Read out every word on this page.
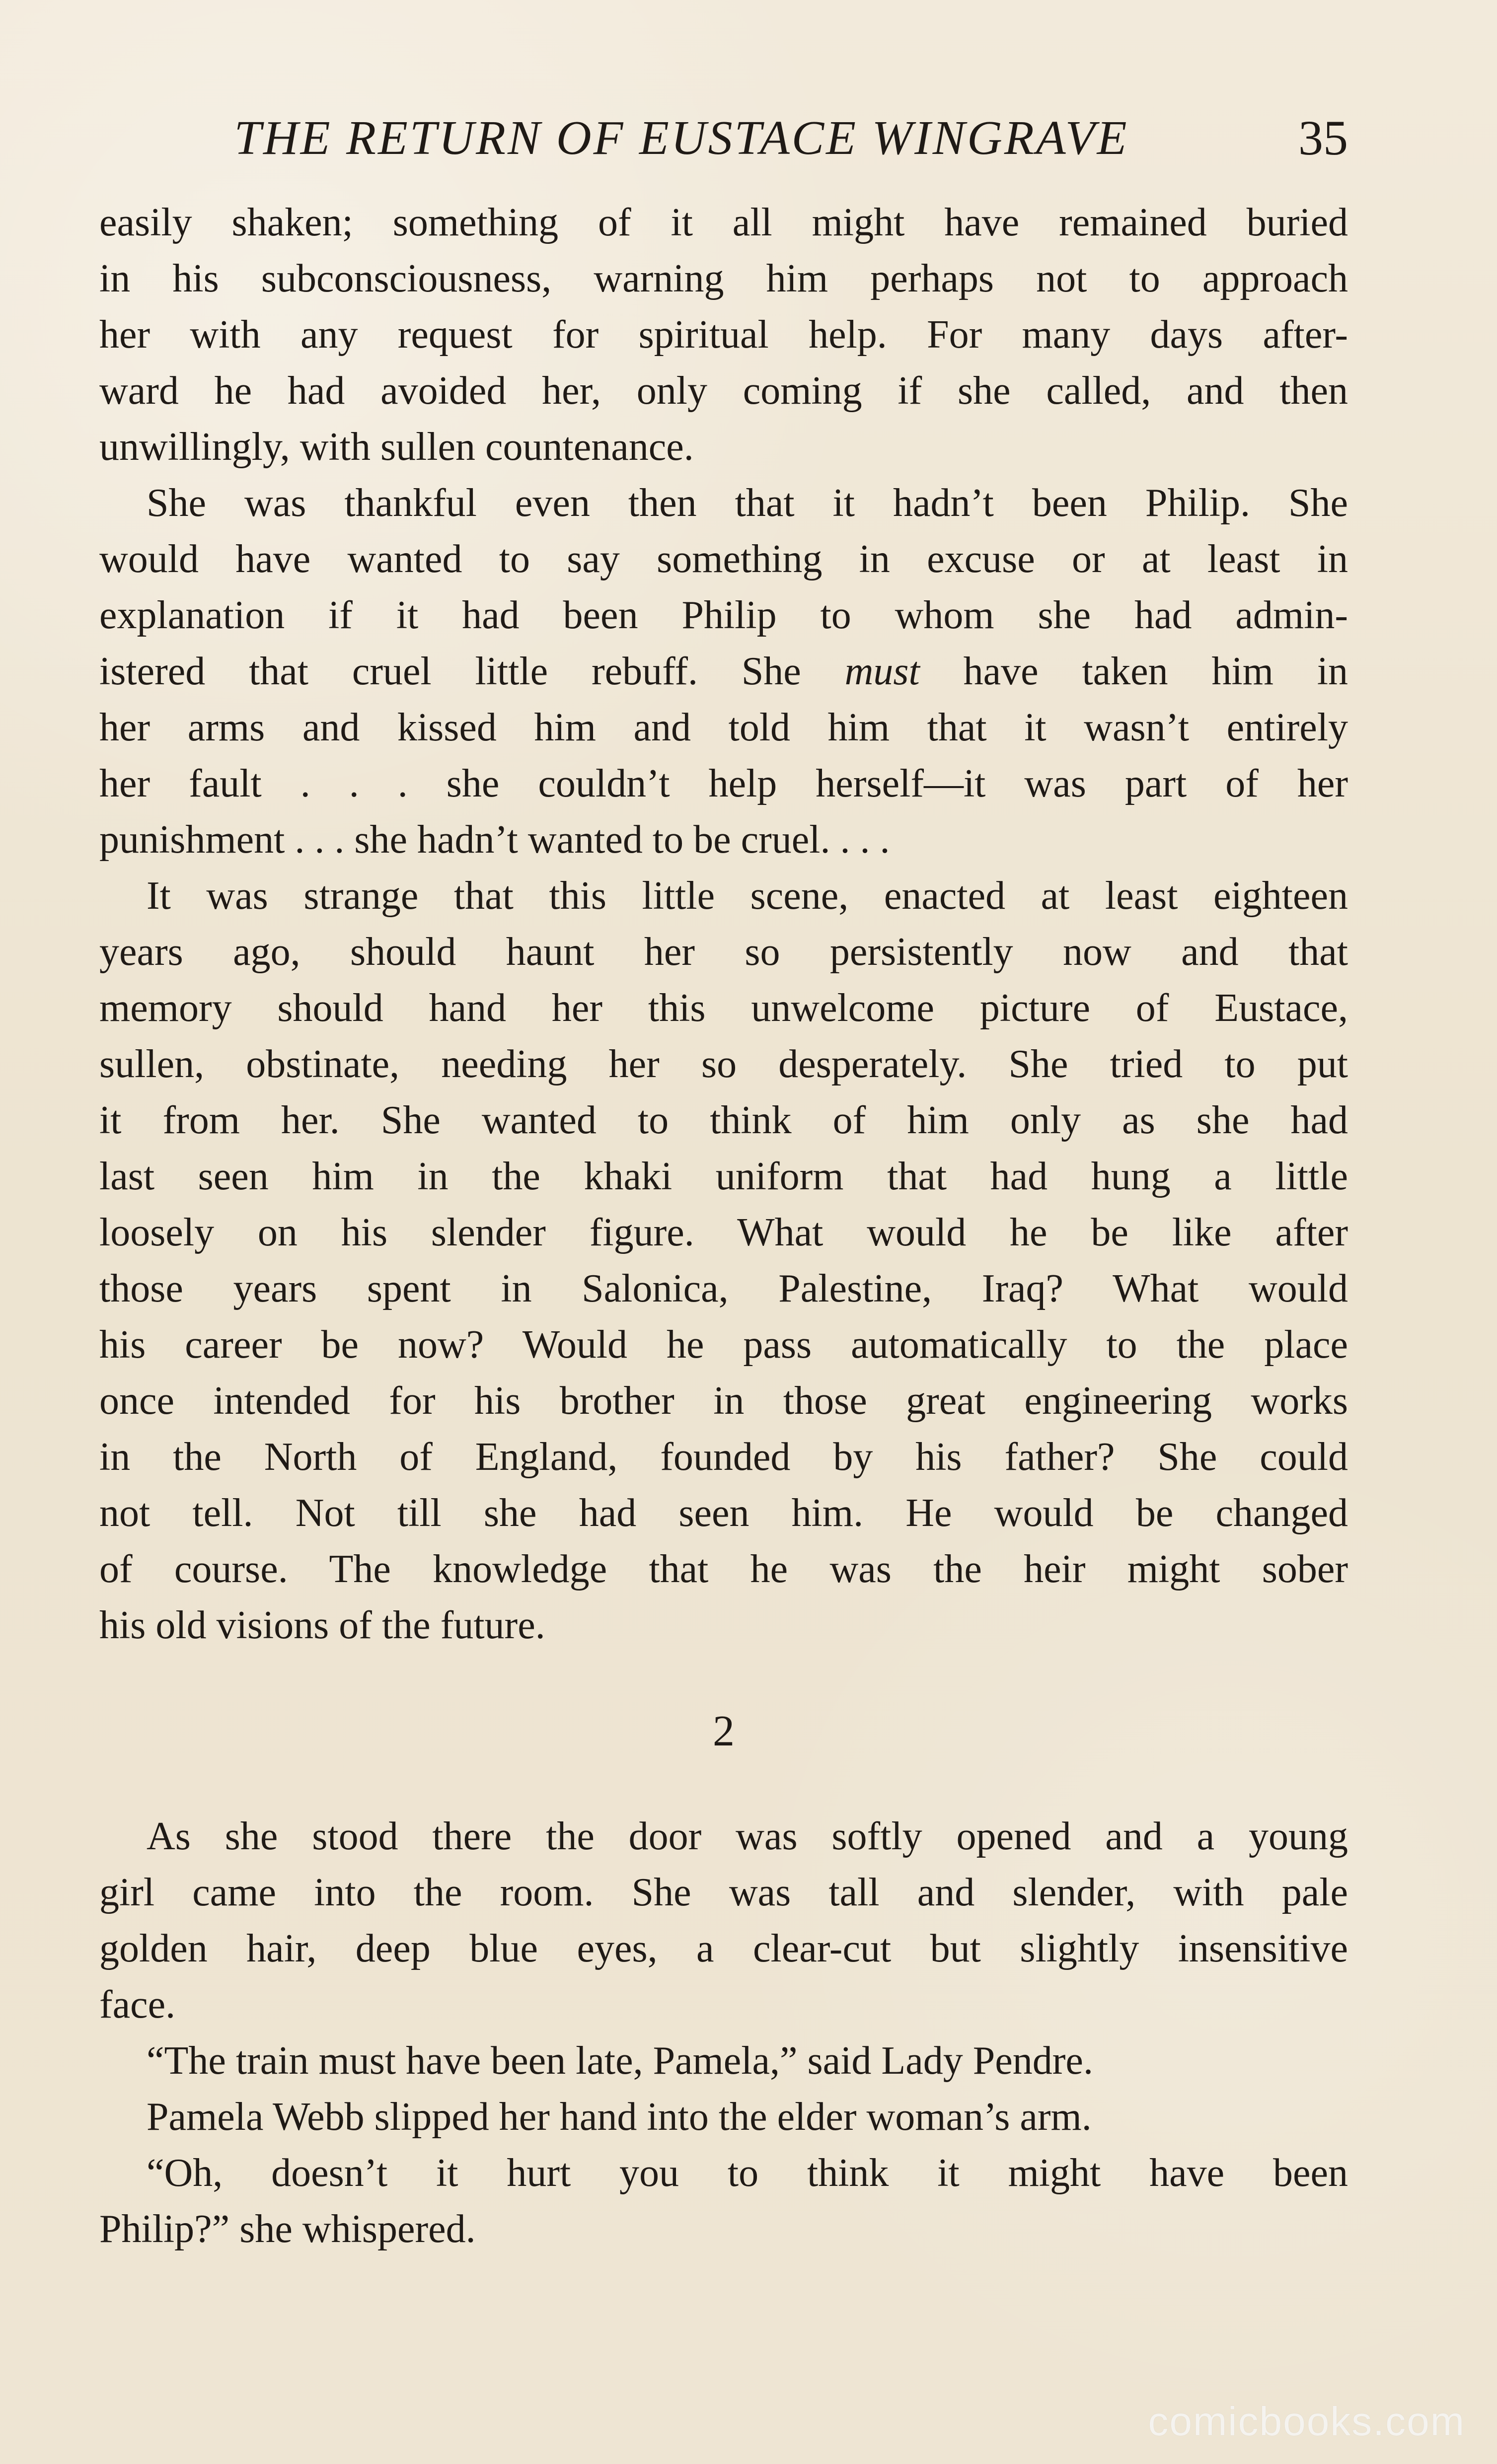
THE RETURN OF EUSTACE WINGRAVE	35
easily shaken; something of it all might have remained buried
in his subconsciousness, warning him perhaps not to approach
her with any request for spiritual help. For many days after-
ward he had avoided her, only coming if she called, and then
unwillingly, with sullen countenance.
She was thankful even then that it hadn’t been Philip. She
would have wanted to say something in excuse or at least in
explanation if it had been Philip to whom she had admin-
istered that cruel little rebuff. She must have taken him in
her arms and kissed him and told him that it wasn’t entirely
her fault . . . she couldn’t help herself—it was part of her
punishment . . . she hadn’t wanted to be cruel. . . .
It was strange that this little scene, enacted at least eighteen
years ago, should haunt her so persistently now and that
memory should hand her this unwelcome picture of Eustace,
sullen, obstinate, needing her so desperately. She tried to put
it from her. She wanted to think of him only as she had
last seen him in the khaki uniform that had hung a little
loosely on his slender figure. What would he be like after
those years spent in Salonica, Palestine, Iraq? What would
his career be now? Would he pass automatically to the place
once intended for his brother in those great engineering works
in the North of England, founded by his father? She could
not tell. Not till she had seen him. He would be changed
of course. The knowledge that he was the heir might sober
his old visions of the future.
2
As she stood there the door was softly opened and a young
girl came into the room. She was tall and slender, with pale
golden hair, deep blue eyes, a clear-cut but slightly insensitive
face.
“The train must have been late, Pamela,” said Lady Pendre.
Pamela Webb slipped her hand into the elder woman’s arm.
“Oh, doesn’t it hurt you to think it might have been
Philip?” she whispered.
comicbooks.com
